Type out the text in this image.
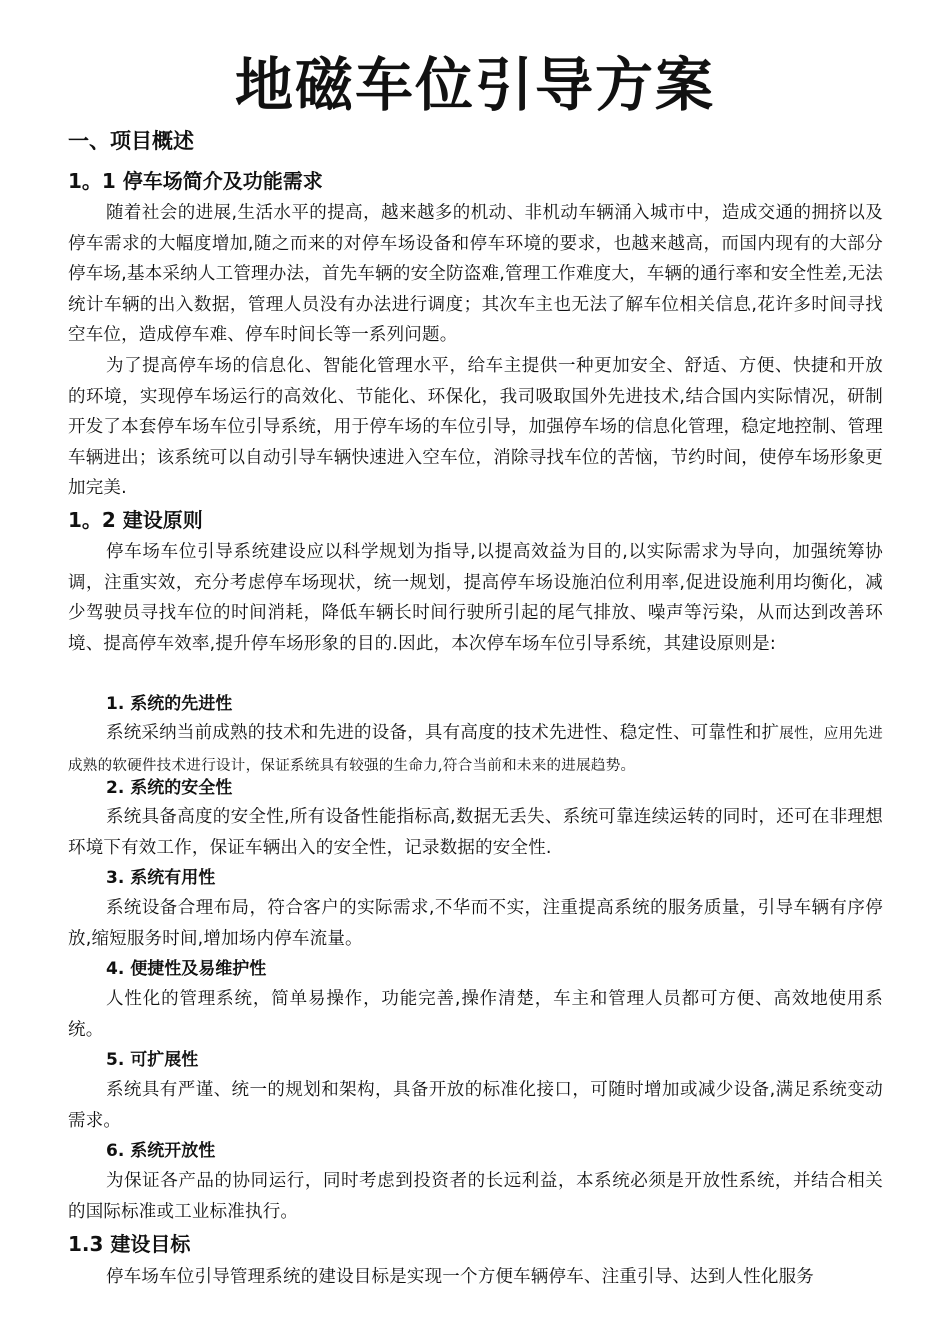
地磁车位引导方案
一、项目概述
1。1 停车场简介及功能需求

随着社会的进展,生活水平的提高，越来越多的机动、非机动车辆涌入城市中，造成交通的拥挤以及停车需求的大幅度增加,随之而来的对停车场设备和停车环境的要求，也越来越高，而国内现有的大部分停车场,基本采纳人工管理办法，首先车辆的安全防盗难,管理工作难度大，车辆的通行率和安全性差,无法统计车辆的出入数据，管理人员没有办法进行调度；其次车主也无法了解车位相关信息,花许多时间寻找空车位，造成停车难、停车时间长等一系列问题。

为了提高停车场的信息化、智能化管理水平，给车主提供一种更加安全、舒适、方便、快捷和开放的环境，实现停车场运行的高效化、节能化、环保化，我司吸取国外先进技术,结合国内实际情况，研制开发了本套停车场车位引导系统，用于停车场的车位引导，加强停车场的信息化管理，稳定地控制、管理车辆进出；该系统可以自动引导车辆快速进入空车位，消除寻找车位的苦恼，节约时间，使停车场形象更加完美.

1。2 建设原则

停车场车位引导系统建设应以科学规划为指导,以提高效益为目的,以实际需求为导向，加强统筹协调，注重实效，充分考虑停车场现状，统一规划，提高停车场设施泊位利用率,促进设施利用均衡化，减少驾驶员寻找车位的时间消耗，降低车辆长时间行驶所引起的尾气排放、噪声等污染，从而达到改善环境、提高停车效率,提升停车场形象的目的.因此，本次停车场车位引导系统，其建设原则是:

1. 系统的先进性

系统采纳当前成熟的技术和先进的设备，具有高度的技术先进性、稳定性、可靠性和扩展性，应用先进成熟的软硬件技术进行设计，保证系统具有较强的生命力,符合当前和未来的进展趋势。

2. 系统的安全性

系统具备高度的安全性,所有设备性能指标高,数据无丢失、系统可靠连续运转的同时，还可在非理想环境下有效工作，保证车辆出入的安全性，记录数据的安全性.

3. 系统有用性

系统设备合理布局，符合客户的实际需求,不华而不实，注重提高系统的服务质量，引导车辆有序停放,缩短服务时间,增加场内停车流量。

4. 便捷性及易维护性

人性化的管理系统，简单易操作，功能完善,操作清楚，车主和管理人员都可方便、高效地使用系统。

5. 可扩展性

系统具有严谨、统一的规划和架构，具备开放的标准化接口，可随时增加或减少设备,满足系统变动需求。

6. 系统开放性

为保证各产品的协同运行，同时考虑到投资者的长远利益，本系统必须是开放性系统，并结合相关的国际标准或工业标准执行。

1.3 建设目标

停车场车位引导管理系统的建设目标是实现一个方便车辆停车、注重引导、达到人性化服务
